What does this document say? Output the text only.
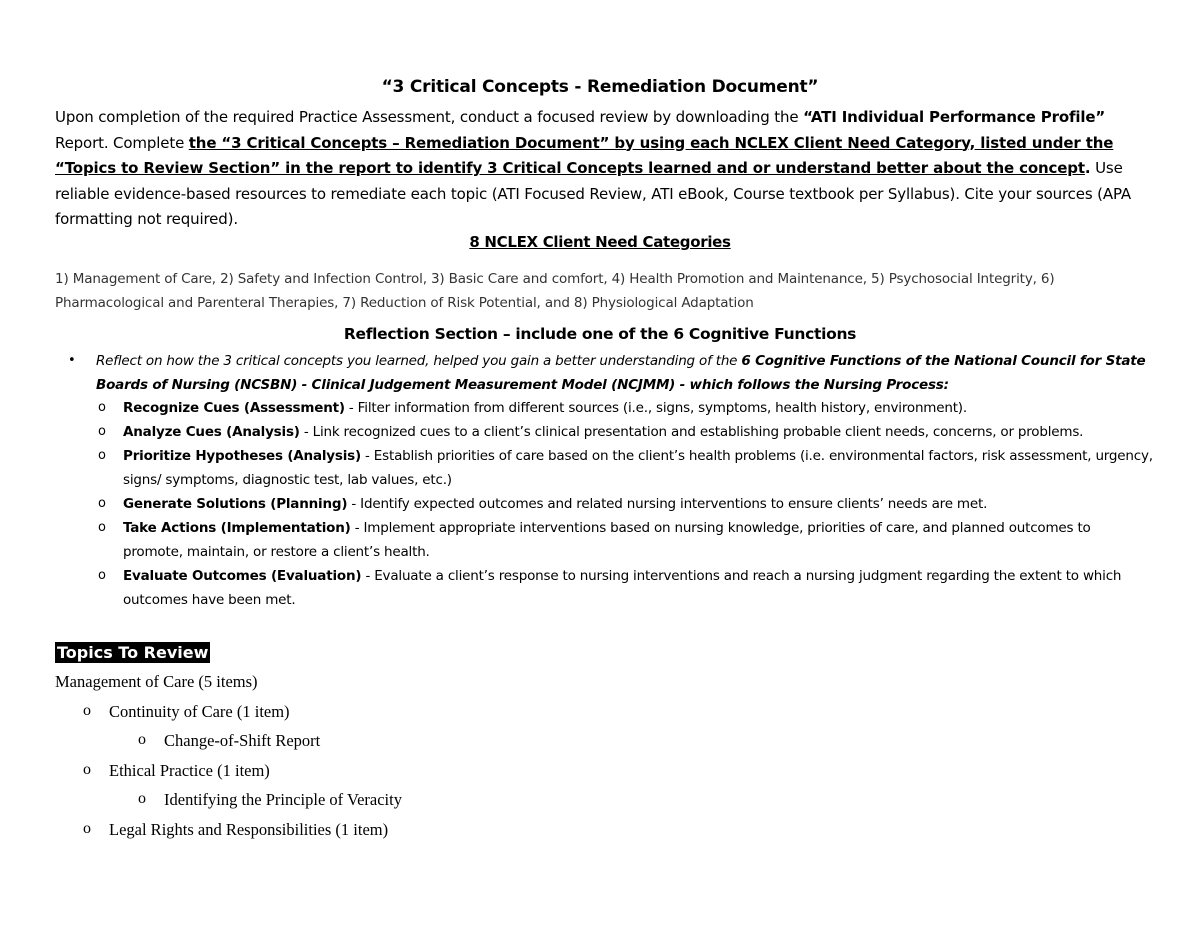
“3 Critical Concepts - Remediation Document”
Upon completion of the required Practice Assessment, conduct a focused review by downloading the “ATI Individual Performance Profile” Report. Complete the “3 Critical Concepts – Remediation Document” by using each NCLEX Client Need Category, listed under the “Topics to Review Section” in the report to identify 3 Critical Concepts learned and or understand better about the concept. Use reliable evidence-based resources to remediate each topic (ATI Focused Review, ATI eBook, Course textbook per Syllabus). Cite your sources (APA formatting not required).
8 NCLEX Client Need Categories
1) Management of Care, 2) Safety and Infection Control, 3) Basic Care and comfort, 4) Health Promotion and Maintenance, 5) Psychosocial Integrity, 6) Pharmacological and Parenteral Therapies, 7) Reduction of Risk Potential, and 8) Physiological Adaptation
Reflection Section – include one of the 6 Cognitive Functions
• Reflect on how the 3 critical concepts you learned, helped you gain a better understanding of the 6 Cognitive Functions of the National Council for State Boards of Nursing (NCSBN) - Clinical Judgement Measurement Model (NCJMM) - which follows the Nursing Process:
o Recognize Cues (Assessment) - Filter information from different sources (i.e., signs, symptoms, health history, environment).
o Analyze Cues (Analysis) - Link recognized cues to a client’s clinical presentation and establishing probable client needs, concerns, or problems.
o Prioritize Hypotheses (Analysis) - Establish priorities of care based on the client’s health problems (i.e. environmental factors, risk assessment, urgency, signs/ symptoms, diagnostic test, lab values, etc.)
o Generate Solutions (Planning) - Identify expected outcomes and related nursing interventions to ensure clients’ needs are met.
o Take Actions (Implementation) - Implement appropriate interventions based on nursing knowledge, priorities of care, and planned outcomes to promote, maintain, or restore a client’s health.
o Evaluate Outcomes (Evaluation) - Evaluate a client’s response to nursing interventions and reach a nursing judgment regarding the extent to which outcomes have been met.
Topics To Review
Management of Care (5 items)
o Continuity of Care (1 item)
o Change-of-Shift Report
o Ethical Practice (1 item)
o Identifying the Principle of Veracity
o Legal Rights and Responsibilities (1 item)
